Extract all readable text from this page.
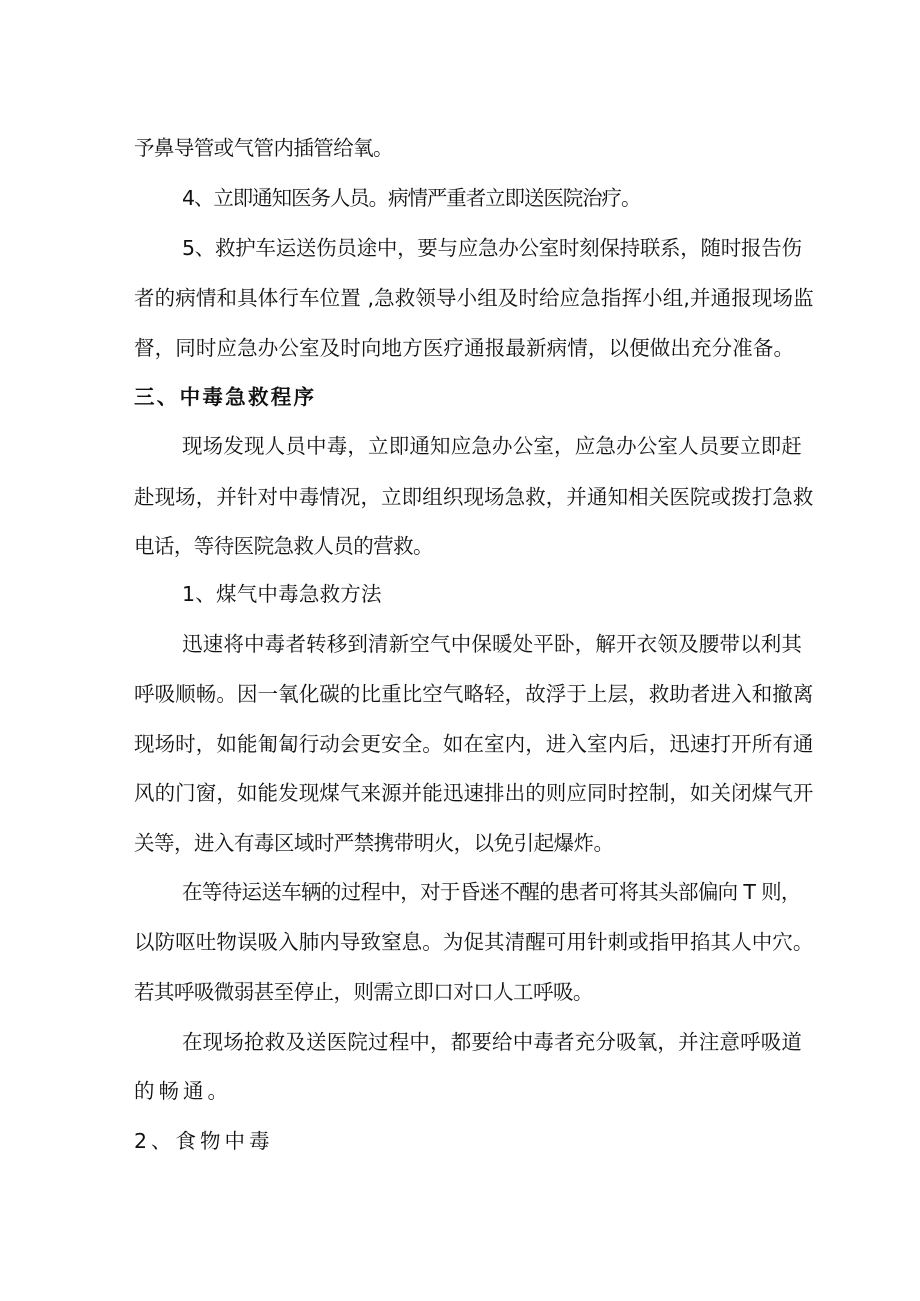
予鼻导管或气管内插管给氧。
4、立即通知医务人员。病情严重者立即送医院治疗。
5、救护车运送伤员途中，要与应急办公室时刻保持联系，随时报告伤
者的病情和具体行车位置 ,急救领导小组及时给应急指挥小组,并通报现场监
督，同时应急办公室及时向地方医疗通报最新病情，以便做出充分准备。
三、中毒急救程序
现场发现人员中毒，立即通知应急办公室，应急办公室人员要立即赶
赴现场，并针对中毒情况，立即组织现场急救，并通知相关医院或拨打急救
电话，等待医院急救人员的营救。
1、煤气中毒急救方法
迅速将中毒者转移到清新空气中保暖处平卧，解开衣领及腰带以利其
呼吸顺畅。因一氧化碳的比重比空气略轻，故浮于上层，救助者进入和撤离
现场时，如能匍匐行动会更安全。如在室内，进入室内后，迅速打开所有通
风的门窗，如能发现煤气来源并能迅速排出的则应同时控制，如关闭煤气开
关等，进入有毒区域时严禁携带明火，以免引起爆炸。
在等待运送车辆的过程中，对于昏迷不醒的患者可将其头部偏向 T 则，
以防呕吐物误吸入肺内导致窒息。为促其清醒可用针刺或指甲掐其人中穴。
若其呼吸微弱甚至停止，则需立即口对口人工呼吸。
在现场抢救及送医院过程中，都要给中毒者充分吸氧，并注意呼吸道
的畅通。
2、食物中毒
